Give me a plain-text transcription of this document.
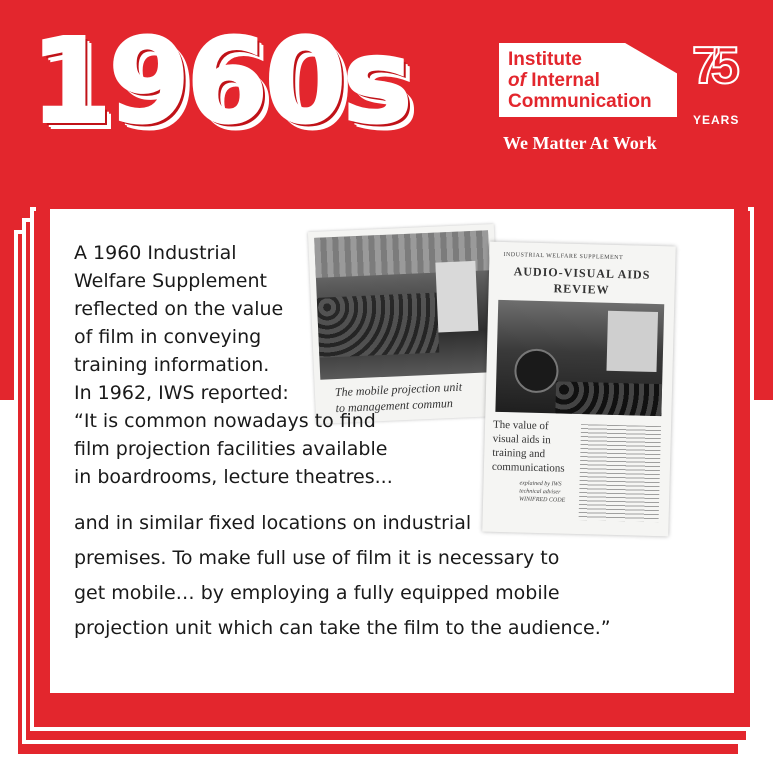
1960s	Institute
of Internal
Communication
We Matter At Work
75
YEARS
The mobile projection unit
to management commun
INDUSTRIAL WELFARE SUPPLEMENT
AUDIO-VISUAL AIDS
REVIEW
The value of
visual aids in
training and
communications
explained by IWS
technical adviser
WINIFRED CODE
A 1960 Industrial
Welfare Supplement
reflected on the value
of film in conveying
training information.
In 1962, IWS reported:
“It is common nowadays to find
film projection facilities available
in boardrooms, lecture theatres...
and in similar fixed locations on industrial
premises. To make full use of film it is necessary to
get mobile… by employing a fully equipped mobile
projection unit which can take the film to the audience.”
